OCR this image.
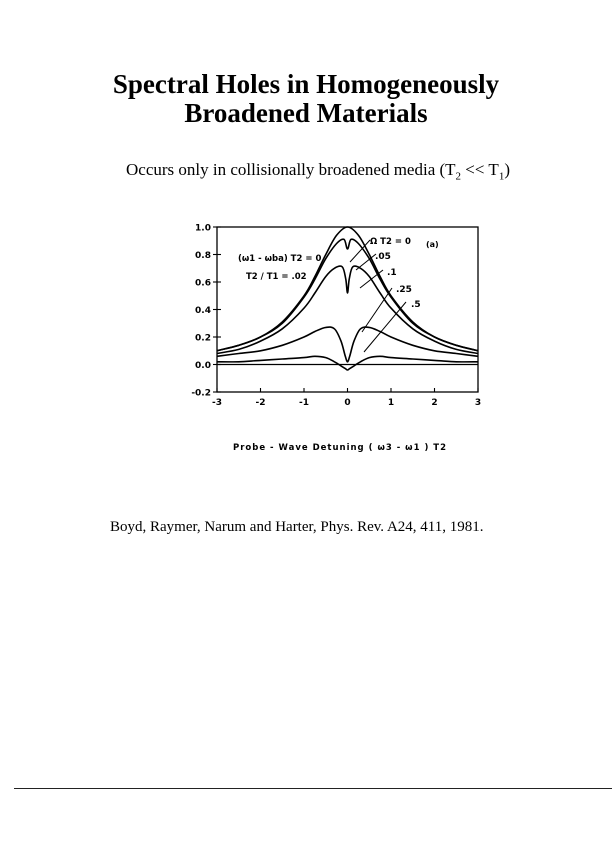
Spectral Holes in Homogeneously
Broadened Materials
Occurs only in collisionally broadened media $(T_2 << T_1)$
1.0
0.8
0.6
0.4
0.2
0.0
-0.2
-3	-2	-1	0	1	2	3
(ω1 - ωba) T2 = 0
T2 / T1 = .02
Ω T2 = 0 (a)
.05
.1
.25
.5
Probe - Wave Detuning ( ω3 - ω1 ) T2
Boyd, Raymer, Narum and Harter, Phys. Rev. A24, 411, 1981.
